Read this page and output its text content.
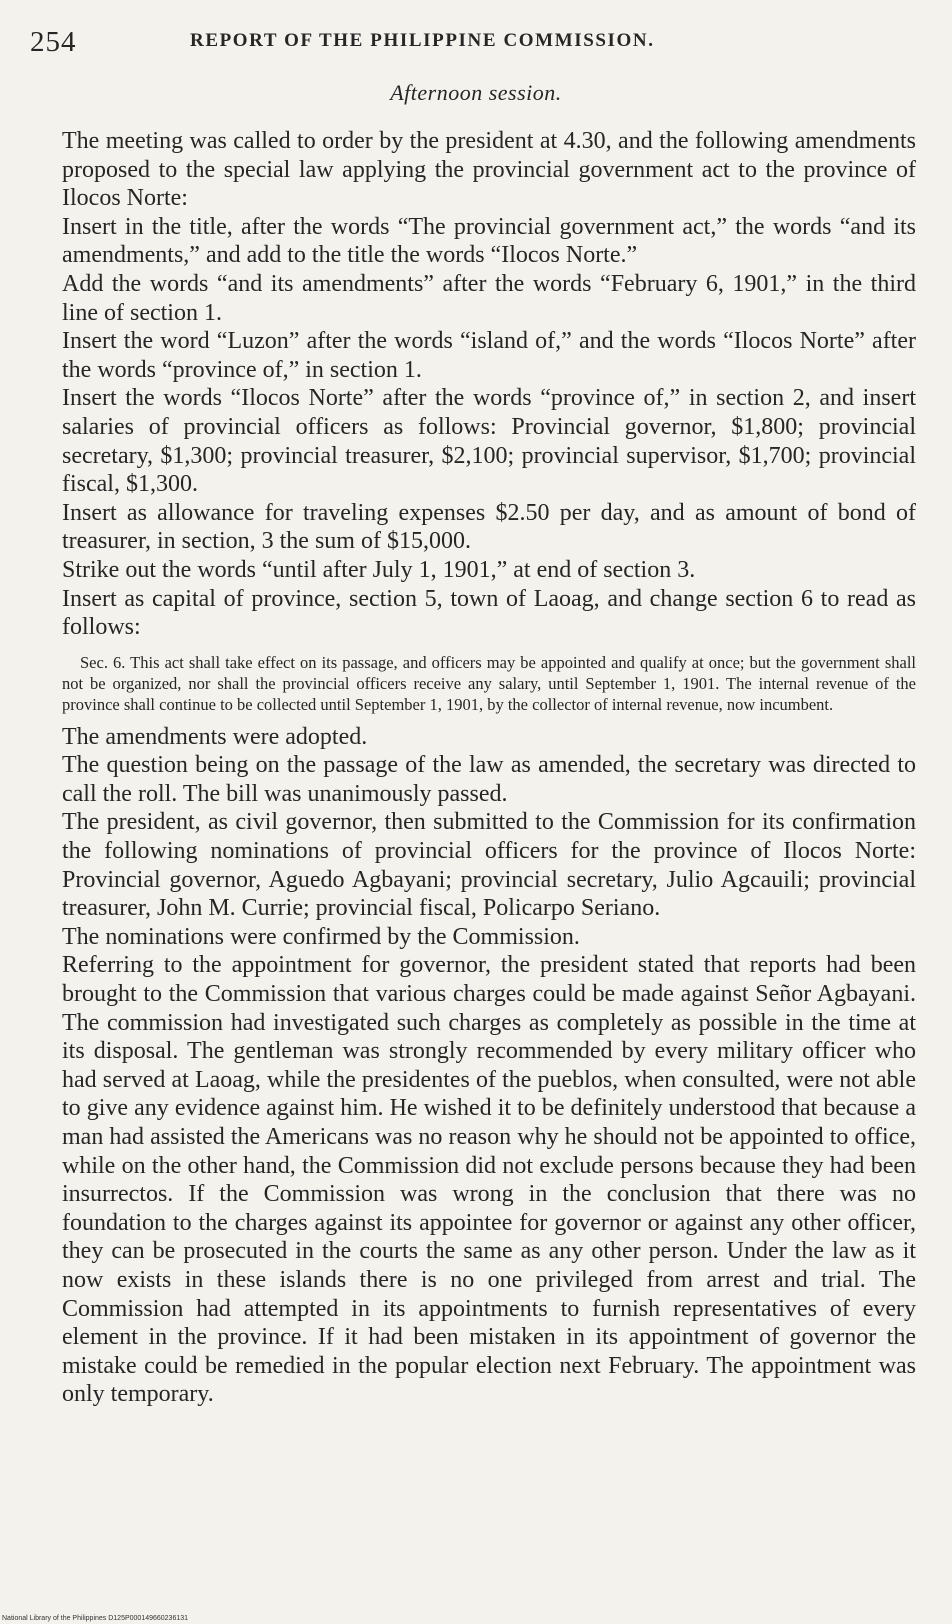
254	REPORT OF THE PHILIPPINE COMMISSION.
Afternoon session.

The meeting was called to order by the president at 4.30, and the following amendments proposed to the special law applying the provincial government act to the province of Ilocos Norte:

Insert in the title, after the words “The provincial government act,” the words “and its amendments,” and add to the title the words “Ilocos Norte.”

Add the words “and its amendments” after the words “February 6, 1901,” in the third line of section 1.

Insert the word “Luzon” after the words “island of,” and the words “Ilocos Norte” after the words “province of,” in section 1.

Insert the words “Ilocos Norte” after the words “province of,” in section 2, and insert salaries of provincial officers as follows: Provincial governor, $1,800; provincial secretary, $1,300; provincial treasurer, $2,100; provincial supervisor, $1,700; provincial fiscal, $1,300.

Insert as allowance for traveling expenses $2.50 per day, and as amount of bond of treasurer, in section, 3 the sum of $15,000.

Strike out the words “until after July 1, 1901,” at end of section 3.

Insert as capital of province, section 5, town of Laoag, and change section 6 to read as follows:

Sec. 6. This act shall take effect on its passage, and officers may be appointed and qualify at once; but the government shall not be organized, nor shall the provincial officers receive any salary, until September 1, 1901. The internal revenue of the province shall continue to be collected until September 1, 1901, by the collector of internal revenue, now incumbent.

The amendments were adopted.

The question being on the passage of the law as amended, the secretary was directed to call the roll. The bill was unanimously passed.

The president, as civil governor, then submitted to the Commission for its confirmation the following nominations of provincial officers for the province of Ilocos Norte: Provincial governor, Aguedo Agbayani; provincial secretary, Julio Agcauili; provincial treasurer, John M. Currie; provincial fiscal, Policarpo Seriano.

The nominations were confirmed by the Commission.

Referring to the appointment for governor, the president stated that reports had been brought to the Commission that various charges could be made against Señor Agbayani. The commission had investigated such charges as completely as possible in the time at its disposal. The gentleman was strongly recommended by every military officer who had served at Laoag, while the presidentes of the pueblos, when consulted, were not able to give any evidence against him. He wished it to be definitely understood that because a man had assisted the Americans was no reason why he should not be appointed to office, while on the other hand, the Commission did not exclude persons because they had been insurrectos. If the Commission was wrong in the conclusion that there was no foundation to the charges against its appointee for governor or against any other officer, they can be prosecuted in the courts the same as any other person. Under the law as it now exists in these islands there is no one privileged from arrest and trial. The Commission had attempted in its appointments to furnish representatives of every element in the province. If it had been mistaken in its appointment of governor the mistake could be remedied in the popular election next February. The appointment was only temporary.

National Library of the Philippines D125P000149660236131
